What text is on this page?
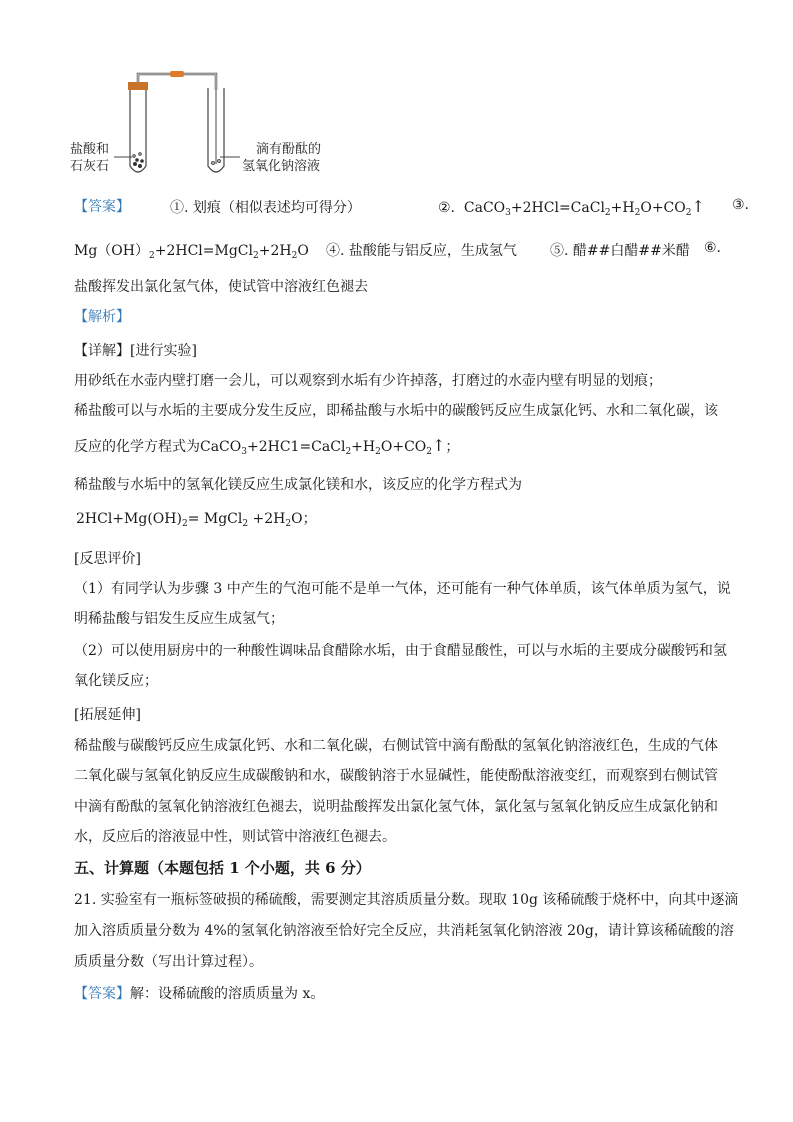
盐酸和
石灰石
滴有酚酞的
氢氧化钠溶液
【答案】	①. 划痕（相似表述均可得分）	②.  $CaCO_3+2HCl=CaCl_2+H_2O+CO_2↑$ ③.
$Mg(OH)_2+2HCl=MgCl_2+2H_2O$ ④. 盐酸能与铝反应，生成氢气 ⑤. 醋##白醋##米醋 ⑥.
盐酸挥发出氯化氢气体，使试管中溶液红色褪去
【解析】
【详解】[进行实验]
用砂纸在水壶内壁打磨一会儿，可以观察到水垢有少许掉落，打磨过的水壶内壁有明显的划痕；
稀盐酸可以与水垢的主要成分发生反应，即稀盐酸与水垢中的碳酸钙反应生成氯化钙、水和二氧化碳，该
反应的化学方程式为$CaCO_3+2HC1=CaCl_2+H_2O+CO_2↑$；
稀盐酸与水垢中的氢氧化镁反应生成氯化镁和水，该反应的化学方程式为
$2HCl+Mg(OH)_2=$ MgCl$_2$ $+2H_2O$；
[反思评价]
（1）有同学认为步骤 3 中产生的气泡可能不是单一气体，还可能有一种气体单质，该气体单质为氢气，说
明稀盐酸与铝发生反应生成氢气；
（2）可以使用厨房中的一种酸性调味品食醋除水垢，由于食醋显酸性，可以与水垢的主要成分碳酸钙和氢
氧化镁反应；
[拓展延伸]
稀盐酸与碳酸钙反应生成氯化钙、水和二氧化碳，右侧试管中滴有酚酞的氢氧化钠溶液红色，生成的气体
二氧化碳与氢氧化钠反应生成碳酸钠和水，碳酸钠溶于水显碱性，能使酚酞溶液变红，而观察到右侧试管
中滴有酚酞的氢氧化钠溶液红色褪去，说明盐酸挥发出氯化氢气体，氯化氢与氢氧化钠反应生成氯化钠和
水，反应后的溶液显中性，则试管中溶液红色褪去。
五、计算题（本题包括 1 个小题，共 6 分）
21. 实验室有一瓶标签破损的稀硫酸，需要测定其溶质质量分数。现取 10g 该稀硫酸于烧杯中，向其中逐滴
加入溶质质量分数为 4%的氢氧化钠溶液至恰好完全反应，共消耗氢氧化钠溶液 20g，请计算该稀硫酸的溶
质质量分数（写出计算过程）。
【答案】解：设稀硫酸的溶质质量为 x。
